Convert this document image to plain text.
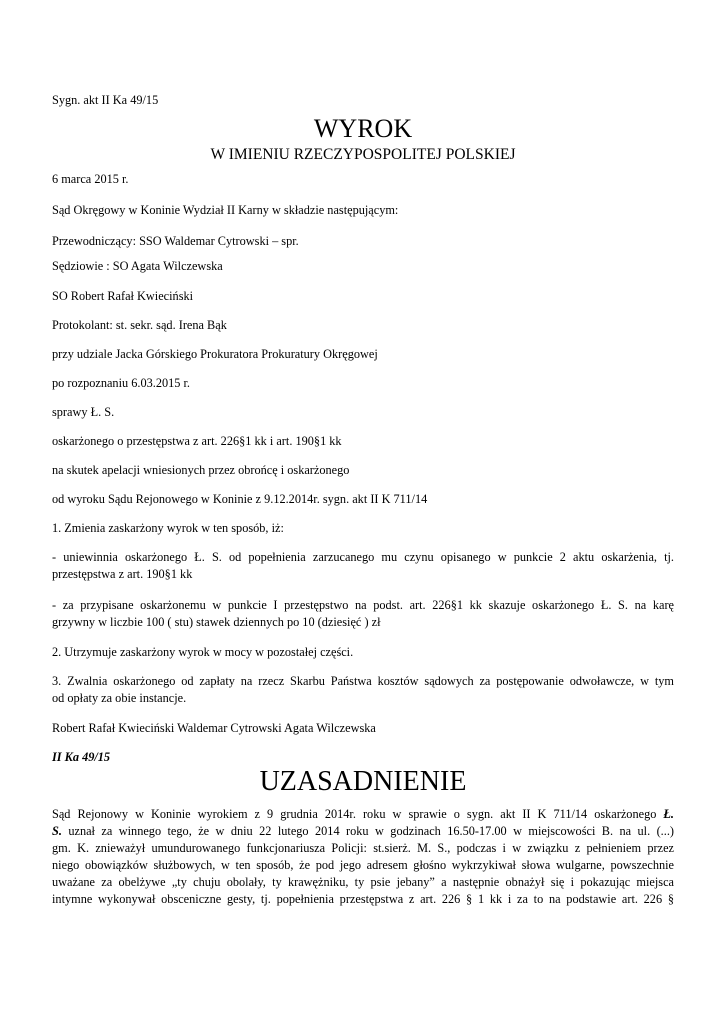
Sygn. akt II Ka 49/15
WYROK
W IMIENIU RZECZYPOSPOLITEJ POLSKIEJ
6 marca 2015 r.
Sąd Okręgowy w Koninie Wydział II Karny w składzie następującym:
Przewodniczący: SSO Waldemar Cytrowski – spr.
Sędziowie : SO Agata Wilczewska
SO Robert Rafał Kwieciński
Protokolant: st. sekr. sąd. Irena Bąk
przy udziale Jacka Górskiego Prokuratora Prokuratury Okręgowej
po rozpoznaniu 6.03.2015 r.
sprawy Ł. S.
oskarżonego o przestępstwa z art. 226§1 kk i art. 190§1 kk
na skutek apelacji wniesionych przez obrońcę i oskarżonego
od wyroku Sądu Rejonowego w Koninie z 9.12.2014r. sygn. akt II K 711/14
1. Zmienia zaskarżony wyrok w ten sposób, iż:
- uniewinnia oskarżonego Ł. S. od popełnienia zarzucanego mu czynu opisanego w punkcie 2 aktu oskarżenia, tj.
przestępstwa z art. 190§1 kk
- za przypisane oskarżonemu w punkcie I przestępstwo na podst. art. 226§1 kk skazuje oskarżonego Ł. S. na karę
grzywny w liczbie 100 ( stu) stawek dziennych po 10 (dziesięć ) zł
2. Utrzymuje zaskarżony wyrok w mocy w pozostałej części.
3. Zwalnia oskarżonego od zapłaty na rzecz Skarbu Państwa kosztów sądowych za postępowanie odwoławcze, w tym
od opłaty za obie instancje.
Robert Rafał Kwieciński Waldemar Cytrowski Agata Wilczewska
II Ka 49/15
UZASADNIENIE
Sąd Rejonowy w Koninie wyrokiem z 9 grudnia 2014r. roku w sprawie o sygn. akt II K 711/14 oskarżonego Ł.
S. uznał za winnego tego, że w dniu 22 lutego 2014 roku w godzinach 16.50-17.00 w miejscowości B. na ul. (...)
gm. K. znieważył umundurowanego funkcjonariusza Policji: st.sierż. M. S., podczas i w związku z pełnieniem przez
niego obowiązków służbowych, w ten sposób, że pod jego adresem głośno wykrzykiwał słowa wulgarne, powszechnie
uważane za obelżywe „ty chuju obolały, ty krawężniku, ty psie jebany” a następnie obnażył się i pokazując miejsca
intymne wykonywał obsceniczne gesty, tj. popełnienia przestępstwa z art. 226 § 1 kk i za to na podstawie art. 226 §
